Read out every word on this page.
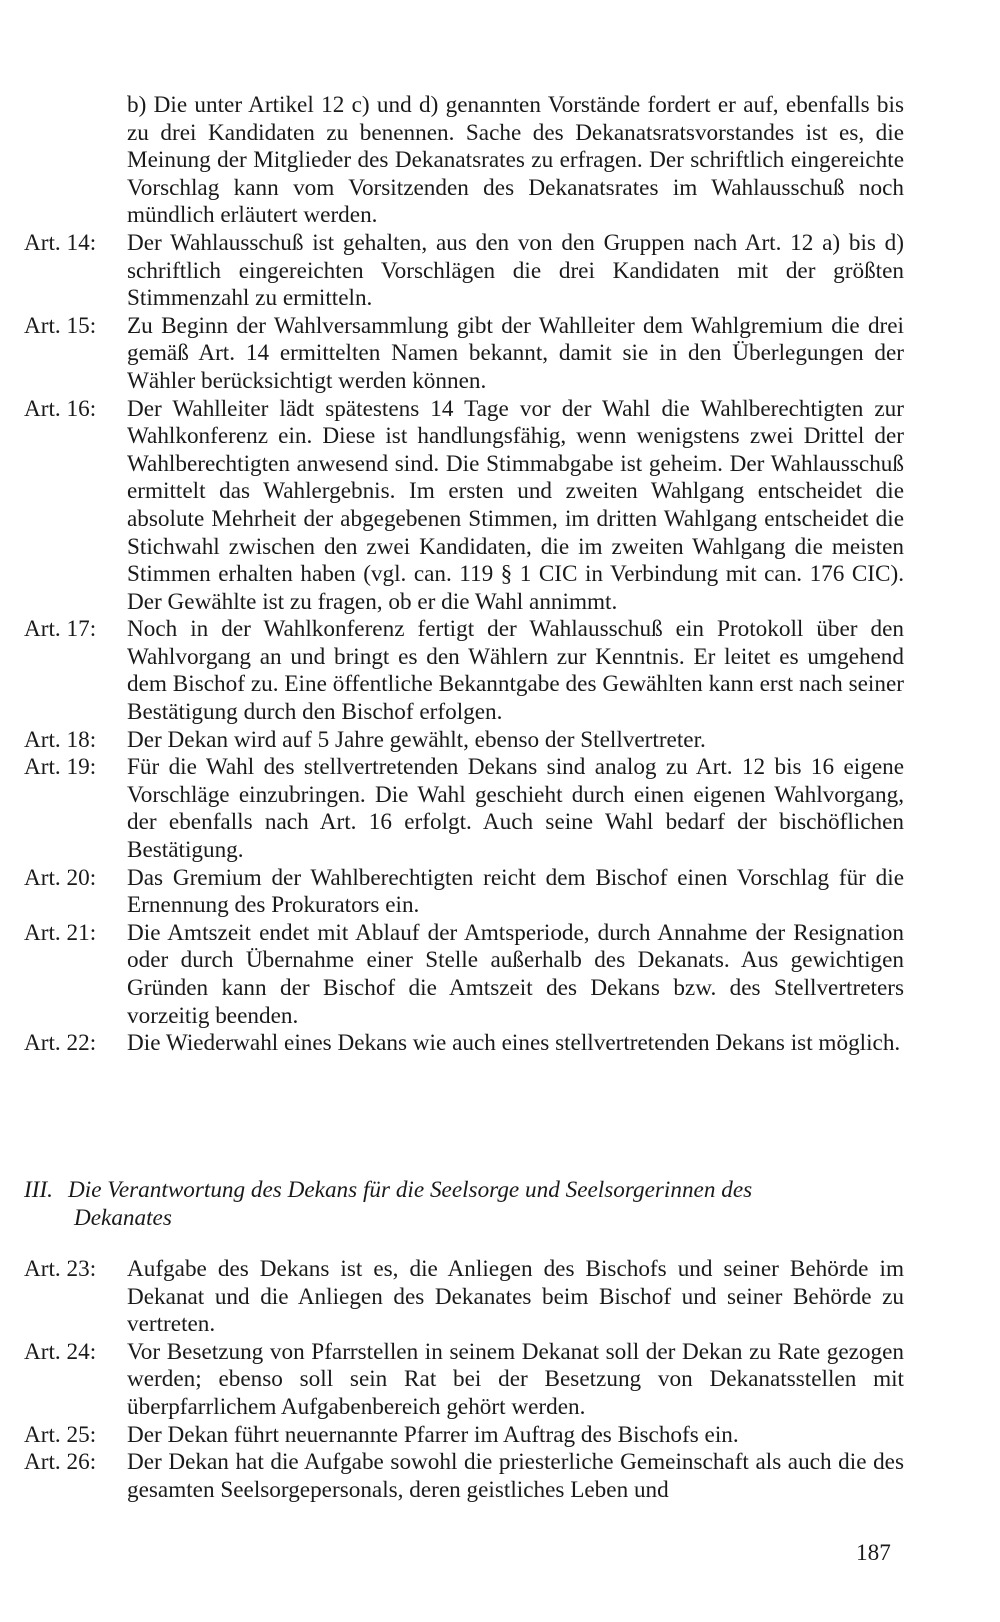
b) Die unter Artikel 12 c) und d) genannten Vorstände fordert er auf, ebenfalls bis zu drei Kandidaten zu benennen. Sache des Dekanatsratsvorstandes ist es, die Meinung der Mitglieder des Dekanatsrates zu erfragen. Der schriftlich eingereichte Vorschlag kann vom Vorsitzenden des Dekanatsrates im Wahlausschuß noch mündlich erläutert werden.
Art. 14:	Der Wahlausschuß ist gehalten, aus den von den Gruppen nach Art. 12 a) bis d) schriftlich eingereichten Vorschlägen die drei Kandidaten mit der größten Stimmenzahl zu ermitteln.
Art. 15:	Zu Beginn der Wahlversammlung gibt der Wahlleiter dem Wahlgremium die drei gemäß Art. 14 ermittelten Namen bekannt, damit sie in den Überlegungen der Wähler berücksichtigt werden können.
Art. 16:	Der Wahlleiter lädt spätestens 14 Tage vor der Wahl die Wahlberechtigten zur Wahlkonferenz ein. Diese ist handlungsfähig, wenn wenigstens zwei Drittel der Wahlberechtigten anwesend sind. Die Stimmabgabe ist geheim. Der Wahlausschuß ermittelt das Wahlergebnis. Im ersten und zweiten Wahlgang entscheidet die absolute Mehrheit der abgegebenen Stimmen, im dritten Wahlgang entscheidet die Stichwahl zwischen den zwei Kandidaten, die im zweiten Wahlgang die meisten Stimmen erhalten haben (vgl. can. 119 § 1 CIC in Verbindung mit can. 176 CIC). Der Gewählte ist zu fragen, ob er die Wahl annimmt.
Art. 17:	Noch in der Wahlkonferenz fertigt der Wahlausschuß ein Protokoll über den Wahlvorgang an und bringt es den Wählern zur Kenntnis. Er leitet es umgehend dem Bischof zu. Eine öffentliche Bekanntgabe des Gewählten kann erst nach seiner Bestätigung durch den Bischof erfolgen.
Art. 18:	Der Dekan wird auf 5 Jahre gewählt, ebenso der Stellvertreter.
Art. 19:	Für die Wahl des stellvertretenden Dekans sind analog zu Art. 12 bis 16 eigene Vorschläge einzubringen. Die Wahl geschieht durch einen eigenen Wahlvorgang, der ebenfalls nach Art. 16 erfolgt. Auch seine Wahl bedarf der bischöflichen Bestätigung.
Art. 20:	Das Gremium der Wahlberechtigten reicht dem Bischof einen Vorschlag für die Ernennung des Prokurators ein.
Art. 21:	Die Amtszeit endet mit Ablauf der Amtsperiode, durch Annahme der Resignation oder durch Übernahme einer Stelle außerhalb des Dekanats. Aus gewichtigen Gründen kann der Bischof die Amtszeit des Dekans bzw. des Stellvertreters vorzeitig beenden.
Art. 22:	Die Wiederwahl eines Dekans wie auch eines stellvertretenden Dekans ist möglich.
III. Die Verantwortung des Dekans für die Seelsorge und Seelsorgerinnen des
Dekanates
Art. 23:	Aufgabe des Dekans ist es, die Anliegen des Bischofs und seiner Behörde im Dekanat und die Anliegen des Dekanates beim Bischof und seiner Behörde zu vertreten.
Art. 24:	Vor Besetzung von Pfarrstellen in seinem Dekanat soll der Dekan zu Rate gezogen werden; ebenso soll sein Rat bei der Besetzung von Dekanatsstellen mit überpfarrlichem Aufgabenbereich gehört werden.
Art. 25:	Der Dekan führt neuernannte Pfarrer im Auftrag des Bischofs ein.
Art. 26:	Der Dekan hat die Aufgabe sowohl die priesterliche Gemeinschaft als auch die des gesamten Seelsorgepersonals, deren geistliches Leben und
187
